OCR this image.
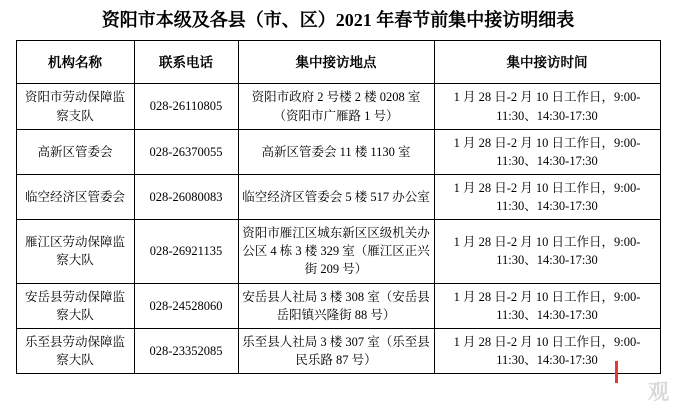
资阳市本级及各县（市、区）2021 年春节前集中接访明细表
机构名称	联系电话	集中接访地点	集中接访时间
资阳市劳动保障监察支队	028-26110805	资阳市政府 2 号楼 2 楼 0208 室（资阳市广雁路 1 号）	1 月 28 日-2 月 10 日工作日，9:00-11:30、14:30-17:30
高新区管委会	028-26370055	高新区管委会 11 楼 1130 室	1 月 28 日-2 月 10 日工作日，9:00-11:30、14:30-17:30
临空经济区管委会	028-26080083	临空经济区管委会 5 楼 517 办公室	1 月 28 日-2 月 10 日工作日，9:00-11:30、14:30-17:30
雁江区劳动保障监察大队	028-26921135	资阳市雁江区城东新区区级机关办公区 4 栋 3 楼 329 室（雁江区正兴街 209 号）	1 月 28 日-2 月 10 日工作日，9:00-11:30、14:30-17:30
安岳县劳动保障监察大队	028-24528060	安岳县人社局 3 楼 308 室（安岳县岳阳镇兴隆街 88 号）	1 月 28 日-2 月 10 日工作日，9:00-11:30、14:30-17:30
乐至县劳动保障监察大队	028-23352085	乐至县人社局 3 楼 307 室（乐至县民乐路 87 号）	1 月 28 日-2 月 10 日工作日，9:00-11:30、14:30-17:30
观
